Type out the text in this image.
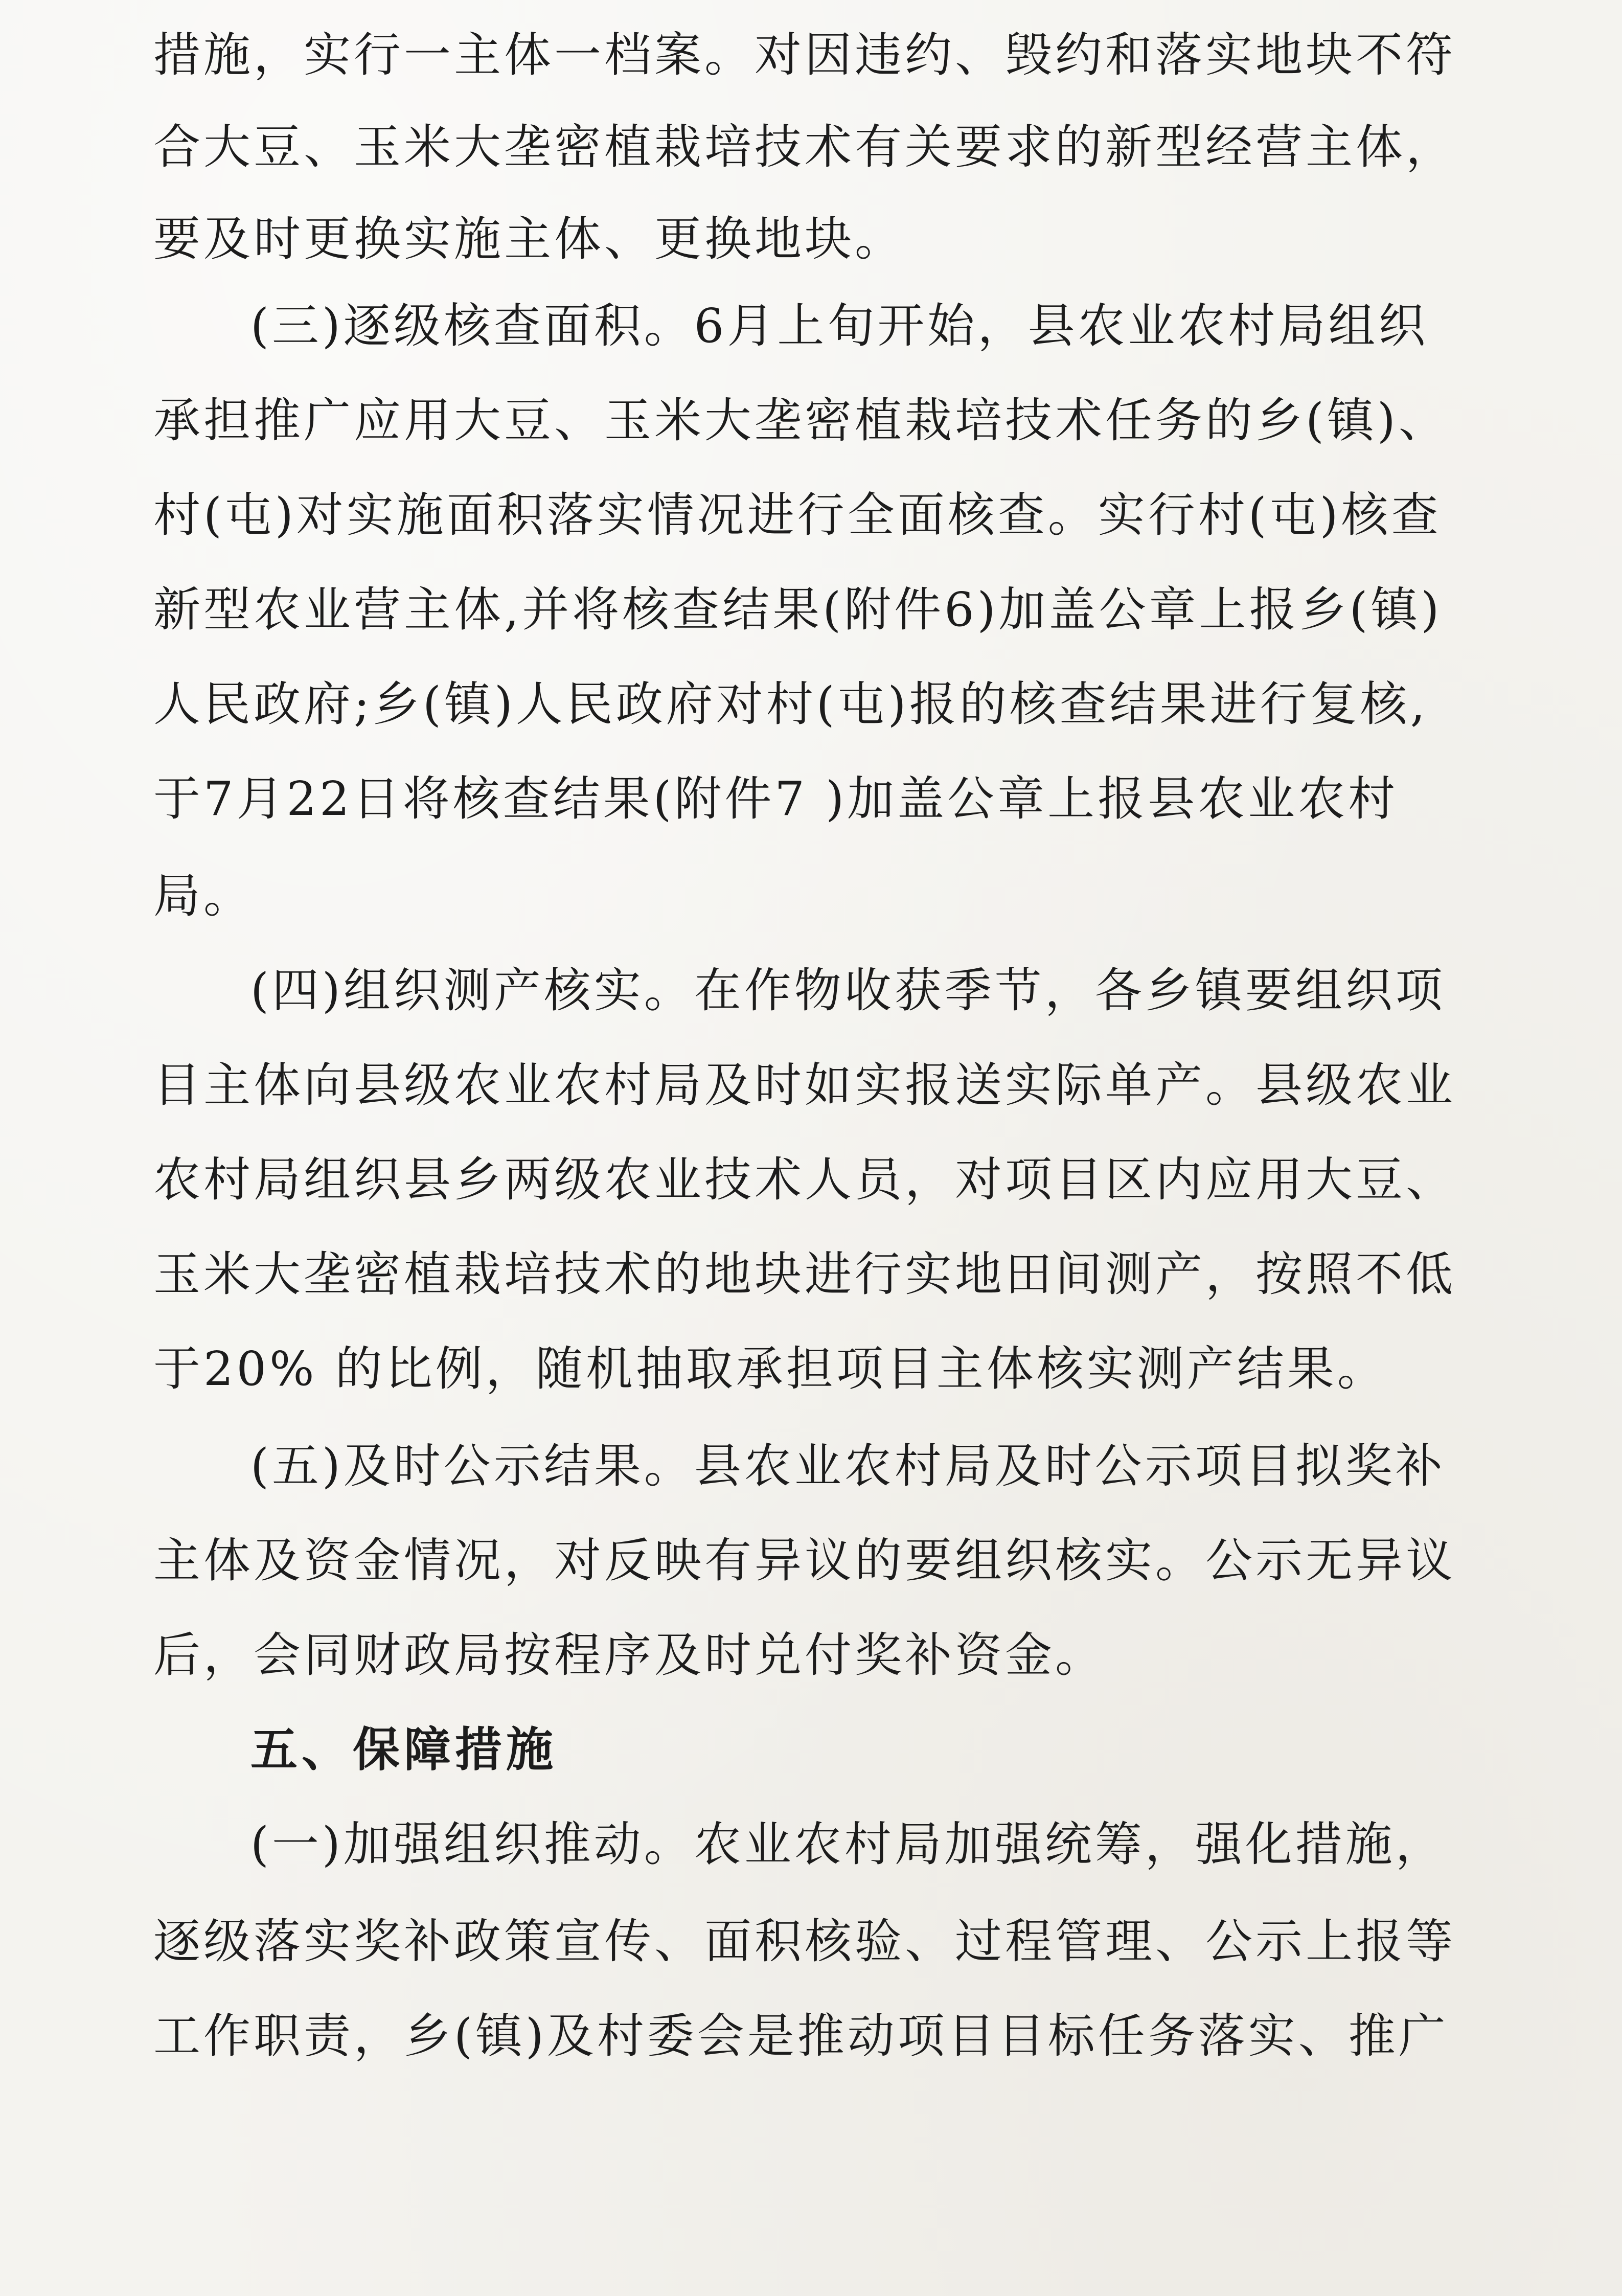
措施，实行一主体一档案。对因违约、毁约和落实地块不符
合大豆、玉米大垄密植栽培技术有关要求的新型经营主体，
要及时更换实施主体、更换地块。
(三)逐级核查面积。6月上旬开始，县农业农村局组织
承担推广应用大豆、玉米大垄密植栽培技术任务的乡(镇)、
村(屯)对实施面积落实情况进行全面核查。实行村(屯)核查
新型农业营主体,并将核查结果(附件6)加盖公章上报乡(镇)
人民政府;乡(镇)人民政府对村(屯)报的核查结果进行复核,
于7月22日将核查结果(附件7 )加盖公章上报县农业农村
局。
(四)组织测产核实。在作物收获季节，各乡镇要组织项
目主体向县级农业农村局及时如实报送实际单产。县级农业
农村局组织县乡两级农业技术人员，对项目区内应用大豆、
玉米大垄密植栽培技术的地块进行实地田间测产，按照不低
于20% 的比例，随机抽取承担项目主体核实测产结果。
(五)及时公示结果。县农业农村局及时公示项目拟奖补
主体及资金情况，对反映有异议的要组织核实。公示无异议
后，会同财政局按程序及时兑付奖补资金。
五、保障措施
(一)加强组织推动。农业农村局加强统筹，强化措施，
逐级落实奖补政策宣传、面积核验、过程管理、公示上报等
工作职责，乡(镇)及村委会是推动项目目标任务落实、推广
